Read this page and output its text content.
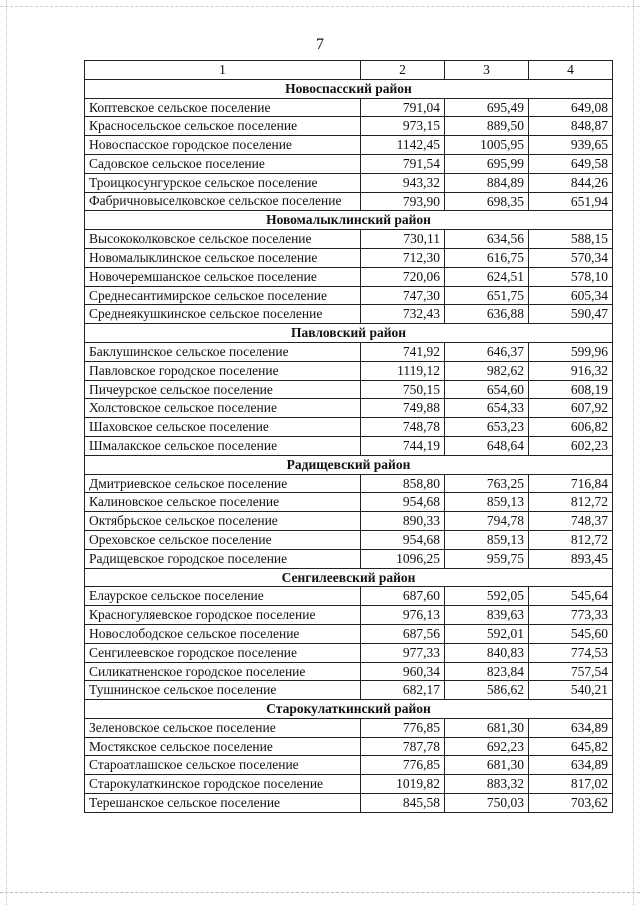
7
1	2	3	4
Новоспасский район			
Коптевское сельское поселение	791,04	695,49	649,08
Красносельское сельское поселение	973,15	889,50	848,87
Новоспасское городское поселение	1142,45	1005,95	939,65
Садовское сельское поселение	791,54	695,99	649,58
Троицкосунгурское сельское поселение	943,32	884,89	844,26
Фабричновыселковское сельское поселение	793,90	698,35	651,94
Новомалыклинский район			
Высококолковское сельское поселение	730,11	634,56	588,15
Новомалыклинское сельское поселение	712,30	616,75	570,34
Новочеремшанское сельское поселение	720,06	624,51	578,10
Среднесантимирское сельское поселение	747,30	651,75	605,34
Среднеякушкинское сельское поселение	732,43	636,88	590,47
Павловский район			
Баклушинское сельское поселение	741,92	646,37	599,96
Павловское городское поселение	1119,12	982,62	916,32
Пичеурское сельское поселение	750,15	654,60	608,19
Холстовское сельское поселение	749,88	654,33	607,92
Шаховское сельское поселение	748,78	653,23	606,82
Шмалакское сельское поселение	744,19	648,64	602,23
Радищевский район			
Дмитриевское сельское поселение	858,80	763,25	716,84
Калиновское сельское поселение	954,68	859,13	812,72
Октябрьское сельское поселение	890,33	794,78	748,37
Ореховское сельское поселение	954,68	859,13	812,72
Радищевское городское поселение	1096,25	959,75	893,45
Сенгилеевский район			
Елаурское сельское поселение	687,60	592,05	545,64
Красногуляевское городское поселение	976,13	839,63	773,33
Новослободское сельское поселение	687,56	592,01	545,60
Сенгилеевское городское поселение	977,33	840,83	774,53
Силикатненское городское поселение	960,34	823,84	757,54
Тушнинское сельское поселение	682,17	586,62	540,21
Старокулаткинский район			
Зеленовское сельское поселение	776,85	681,30	634,89
Мостякское сельское поселение	787,78	692,23	645,82
Староатлашское сельское поселение	776,85	681,30	634,89
Старокулаткинское городское поселение	1019,82	883,32	817,02
Терешанское сельское поселение	845,58	750,03	703,62
